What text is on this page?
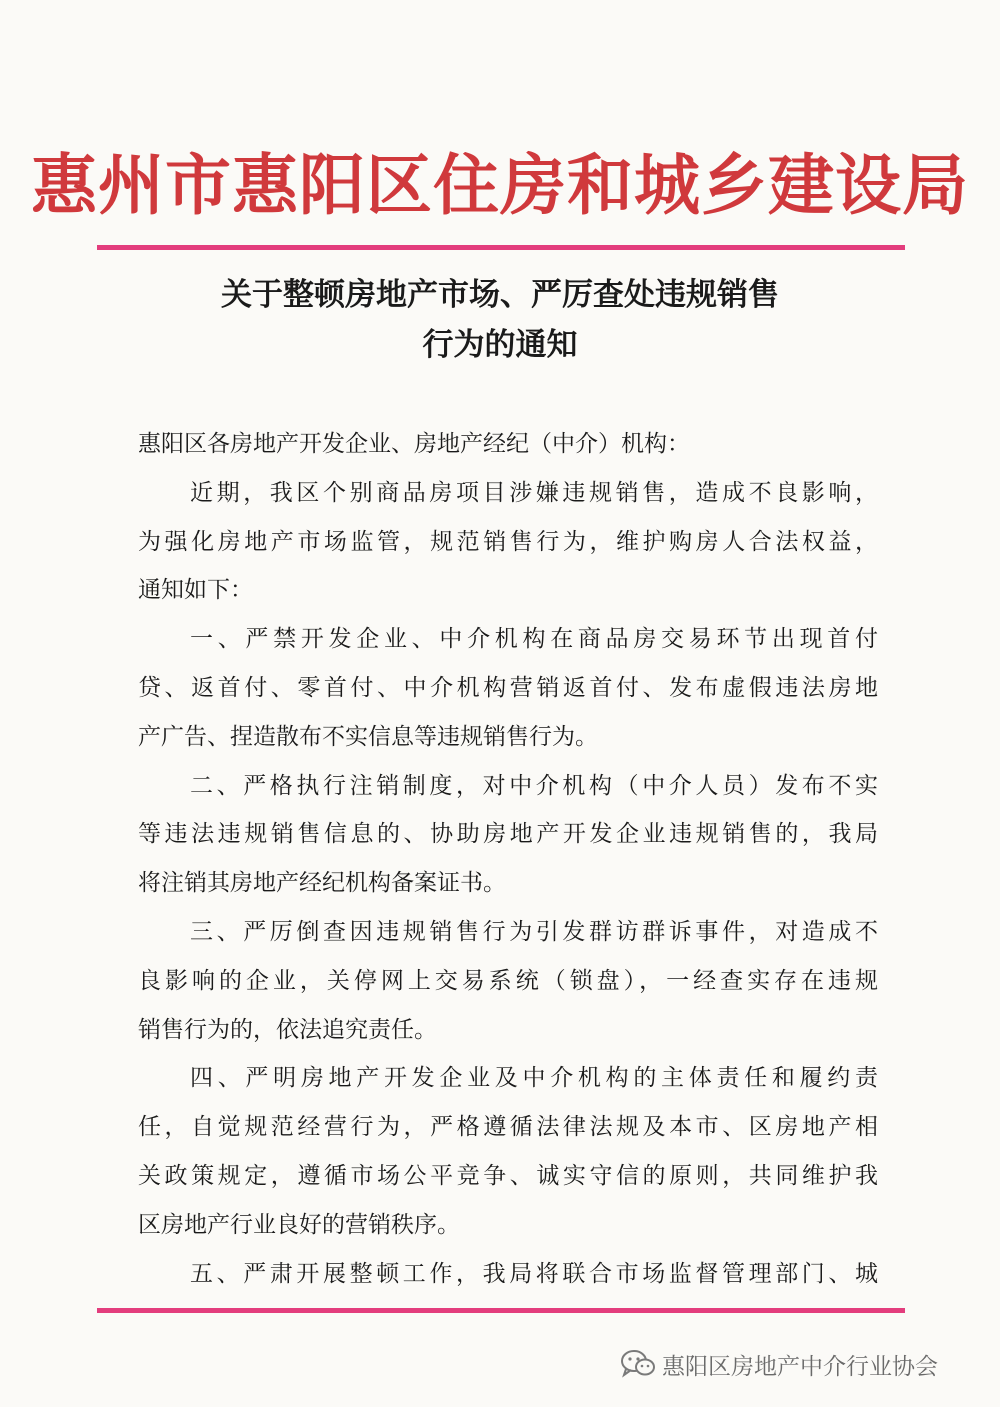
惠州市惠阳区住房和城乡建设局
关于整顿房地产市场、严厉查处违规销售
行为的通知
惠阳区各房地产开发企业、房地产经纪（中介）机构：
近期，我区个别商品房项目涉嫌违规销售，造成不良影响，
为强化房地产市场监管，规范销售行为，维护购房人合法权益，
通知如下：
一、严禁开发企业、中介机构在商品房交易环节出现首付
贷、返首付、零首付、中介机构营销返首付、发布虚假违法房地
产广告、捏造散布不实信息等违规销售行为。
二、严格执行注销制度，对中介机构（中介人员）发布不实
等违法违规销售信息的、协助房地产开发企业违规销售的，我局
将注销其房地产经纪机构备案证书。
三、严厉倒查因违规销售行为引发群访群诉事件，对造成不
良影响的企业，关停网上交易系统（锁盘），一经查实存在违规
销售行为的，依法追究责任。
四、严明房地产开发企业及中介机构的主体责任和履约责
任，自觉规范经营行为，严格遵循法律法规及本市、区房地产相
关政策规定，遵循市场公平竞争、诚实守信的原则，共同维护我
区房地产行业良好的营销秩序。
五、严肃开展整顿工作，我局将联合市场监督管理部门、城
惠阳区房地产中介行业协会
